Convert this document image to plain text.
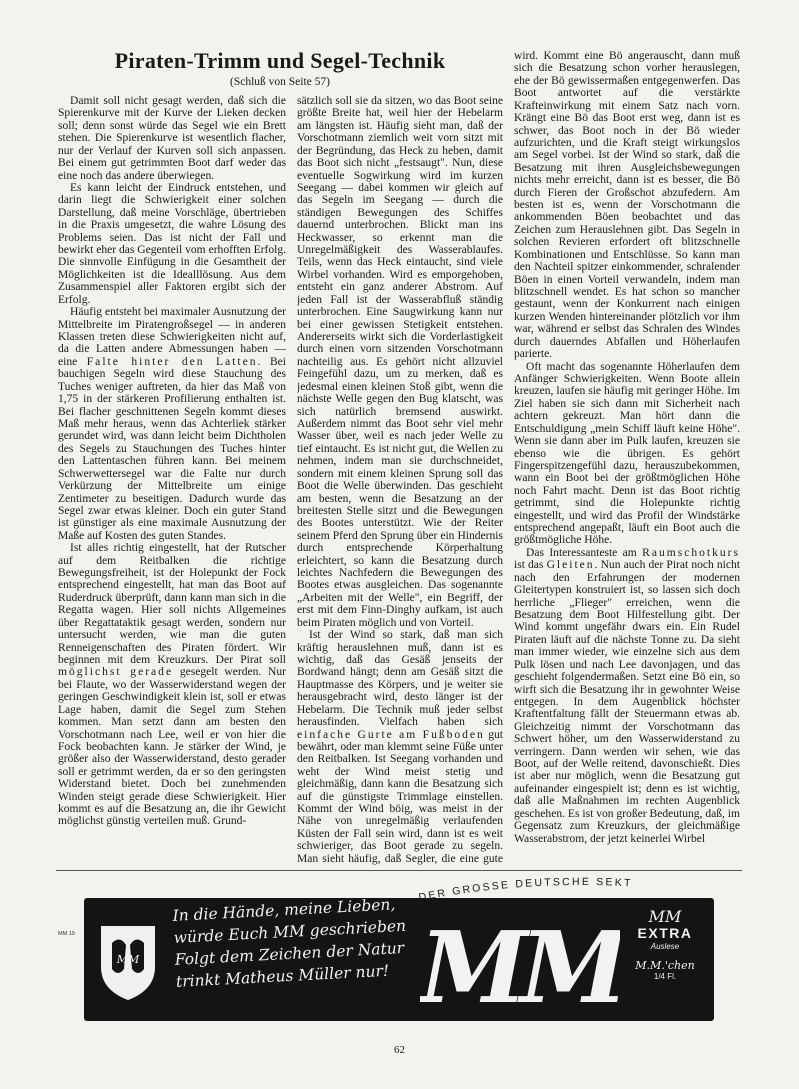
Piraten-Trimm und Segel-Technik
(Schluß von Seite 57)

Damit soll nicht gesagt werden, daß sich die Spierenkurve mit der Kurve der Lieken decken soll; denn sonst würde das Segel wie ein Brett stehen. Die Spierenkurve ist wesentlich flacher, nur der Verlauf der Kurven soll sich anpassen. Bei einem gut getrimmten Boot darf weder das eine noch das andere überwiegen.

Es kann leicht der Eindruck entstehen, und darin liegt die Schwierigkeit einer solchen Darstellung, daß meine Vorschläge, übertrieben in die Praxis umgesetzt, die wahre Lösung des Problems seien. Das ist nicht der Fall und bewirkt eher das Gegenteil vom erhofften Erfolg. Die sinnvolle Einfügung in die Gesamtheit der Möglichkeiten ist die Idealllösung. Aus dem Zusammenspiel aller Faktoren ergibt sich der Erfolg.

Häufig entsteht bei maximaler Ausnutzung der Mittelbreite im Piratengroßsegel — in anderen Klassen treten diese Schwierigkeiten nicht auf, da die Latten andere Abmessungen haben — eine Falte hinter den Latten. Bei bauchigen Segeln wird diese Stauchung des Tuches weniger auftreten, da hier das Maß von 1,75 in der stärkeren Profilierung enthalten ist. Bei flacher geschnittenen Segeln kommt dieses Maß mehr heraus, wenn das Achterliek stärker gerundet wird, was dann leicht beim Dichtholen des Segels zu Stauchungen des Tuches hinter den Lattentaschen führen kann. Bei meinem Schwerwettersegel war die Falte nur durch Verkürzung der Mittelbreite um einige Zentimeter zu beseitigen. Dadurch wurde das Segel zwar etwas kleiner. Doch ein guter Stand ist günstiger als eine maximale Ausnutzung der Maße auf Kosten des guten Standes.

Ist alles richtig eingestellt, hat der Rutscher auf dem Reitbalken die richtige Bewegungsfreiheit, ist der Holepunkt der Fock entsprechend eingestellt, hat man das Boot auf Ruderdruck überprüft, dann kann man sich in die Regatta wagen. Hier soll nichts Allgemeines über Regattataktik gesagt werden, sondern nur untersucht werden, wie man die guten Renneigenschaften des Piraten fördert. Wir beginnen mit dem Kreuzkurs. Der Pirat soll möglichst gerade gesegelt werden. Nur bei Flaute, wo der Wasserwiderstand wegen der geringen Geschwindigkeit klein ist, soll er etwas Lage haben, damit die Segel zum Stehen kommen. Man setzt dann am besten den Vorschotmann nach Lee, weil er von hier die Fock beobachten kann. Je stärker der Wind, je größer also der Wasserwiderstand, desto gerader soll er getrimmt werden, da er so den geringsten Widerstand bietet. Doch bei zunehmenden Winden steigt gerade diese Schwierigkeit. Hier kommt es auf die Besatzung an, die ihr Gewicht möglichst günstig verteilen muß. Grund-

sätzlich soll sie da sitzen, wo das Boot seine größte Breite hat, weil hier der Hebelarm am längsten ist. Häufig sieht man, daß der Vorschotmann ziemlich weit vorn sitzt mit der Begründung, das Heck zu heben, damit das Boot sich nicht „festsaugt". Nun, diese eventuelle Sogwirkung wird im kurzen Seegang — dabei kommen wir gleich auf das Segeln im Seegang — durch die ständigen Bewegungen des Schiffes dauernd unterbrochen. Blickt man ins Heckwasser, so erkennt man die Unregelmäßigkeit des Wasserablaufes. Teils, wenn das Heck eintaucht, sind viele Wirbel vorhanden. Wird es emporgehoben, entsteht ein ganz anderer Abstrom. Auf jeden Fall ist der Wasserabfluß ständig unterbrochen. Eine Saugwirkung kann nur bei einer gewissen Stetigkeit entstehen. Andererseits wirkt sich die Vorderlastigkeit durch einen vorn sitzenden Vorschotmann nachteilig aus. Es gehört nicht allzuviel Feingefühl dazu, um zu merken, daß es jedesmal einen kleinen Stoß gibt, wenn die nächste Welle gegen den Bug klatscht, was sich natürlich bremsend auswirkt. Außerdem nimmt das Boot sehr viel mehr Wasser über, weil es nach jeder Welle zu tief eintaucht. Es ist nicht gut, die Wellen zu nehmen, indem man sie durchschneidet, sondern mit einem kleinen Sprung soll das Boot die Welle überwinden. Das geschieht am besten, wenn die Besatzung an der breitesten Stelle sitzt und die Bewegungen des Bootes unterstützt. Wie der Reiter seinem Pferd den Sprung über ein Hindernis durch entsprechende Körperhaltung erleichtert, so kann die Besatzung durch leichtes Nachfedern die Bewegungen des Bootes etwas ausgleichen. Das sogenannte „Arbeiten mit der Welle", ein Begriff, der erst mit dem Finn-Dinghy aufkam, ist auch beim Piraten möglich und von Vorteil.

Ist der Wind so stark, daß man sich kräftig herauslehnen muß, dann ist es wichtig, daß das Gesäß jenseits der Bordwand hängt; denn am Gesäß sitzt die Hauptmasse des Körpers, und je weiter sie herausgebracht wird, desto länger ist der Hebelarm. Die Technik muß jeder selbst herausfinden. Vielfach haben sich einfache Gurte am Fußboden gut bewährt, oder man klemmt seine Füße unter den Reitbalken. Ist Seegang vorhanden und weht der Wind meist stetig und gleichmäßig, dann kann die Besatzung sich auf die günstigste Trimmlage einstellen. Kommt der Wind böig, was meist in der Nähe von unregelmäßig verlaufenden Küsten der Fall sein wird, dann ist es weit schwieriger, das Boot gerade zu segeln. Man sieht häufig, daß Segler, die eine gute

wird. Kommt eine Bö angerauscht, dann muß sich die Besatzung schon vorher herauslegen, ehe der Bö gewissermaßen entgegenwerfen. Das Boot antwortet auf die verstärkte Krafteinwirkung mit einem Satz nach vorn. Krängt eine Bö das Boot erst weg, dann ist es schwer, das Boot noch in der Bö wieder aufzurichten, und die Kraft steigt wirkungslos am Segel vorbei. Ist der Wind so stark, daß die Besatzung mit ihren Ausgleichsbewegungen nichts mehr erreicht, dann ist es besser, die Bö durch Fieren der Großschot abzufedern. Am besten ist es, wenn der Vorschotmann die ankommenden Böen beobachtet und das Zeichen zum Herauslehnen gibt. Das Segeln in solchen Revieren erfordert oft blitzschnelle Kombinationen und Entschlüsse. So kann man den Nachteil spitzer einkommender, schralender Böen in einen Vorteil verwandeln, indem man blitzschnell wendet. Es hat schon so mancher gestaunt, wenn der Konkurrent nach einigen kurzen Wenden hintereinander plötzlich vor ihm war, während er selbst das Schralen des Windes durch dauerndes Abfallen und Höherlaufen parierte.

Oft macht das sogenannte Höherlaufen dem Anfänger Schwierigkeiten. Wenn Boote allein kreuzen, laufen sie häufig mit geringer Höhe. Im Ziel haben sie sich dann mit Sicherheit nach achtern gekreuzt. Man hört dann die Entschuldigung „mein Schiff läuft keine Höhe". Wenn sie dann aber im Pulk laufen, kreuzen sie ebenso wie die übrigen. Es gehört Fingerspitzengefühl dazu, herauszubekommen, wann ein Boot bei der größtmöglichen Höhe noch Fahrt macht. Denn ist das Boot richtig getrimmt, sind die Holepunkte richtig eingestellt, und wird das Profil der Windstärke entsprechend angepaßt, läuft ein Boot auch die größtmögliche Höhe.

Das Interessanteste am Raumschotkurs ist das Gleiten. Nun auch der Pirat noch nicht nach den Erfahrungen der modernen Gleitertypen konstruiert ist, so lassen sich doch herrliche „Flieger" erreichen, wenn die Besatzung dem Boot Hilfestellung gibt. Der Wind kommt ungefähr dwars ein. Ein Rudel Piraten läuft auf die nächste Tonne zu. Da sieht man immer wieder, wie einzelne sich aus dem Pulk lösen und nach Lee davonjagen, und das geschieht folgendermaßen. Setzt eine Bö ein, so wirft sich die Besatzung ihr in gewohnter Weise entgegen. In dem Augenblick höchster Kraftentfaltung fällt der Steuermann etwas ab. Gleichzeitig nimmt der Vorschotmann das Schwert höher, um den Wasserwiderstand zu verringern. Dann werden wir sehen, wie das Boot, auf der Welle reitend, davonschießt. Dies ist aber nur möglich, wenn die Besatzung gut aufeinander eingespielt ist; denn es ist wichtig, daß alle Maßnahmen im rechten Augenblick geschehen. Es ist von großer Bedeutung, daß, im Gegensatz zum Kreuzkurs, der gleichmäßige Wasserabstrom, der jetzt keinerlei Wirbel

MM 19
DER GROSSE DEUTSCHE SEKT
MM
In die Hände, meine Lieben,
würde Euch MM geschrieben
Folgt dem Zeichen der Natur
trinkt Matheus Müller nur! MM	MM
EXTRA
Auslese
M.M.'chen
1/4 Fl.
62
